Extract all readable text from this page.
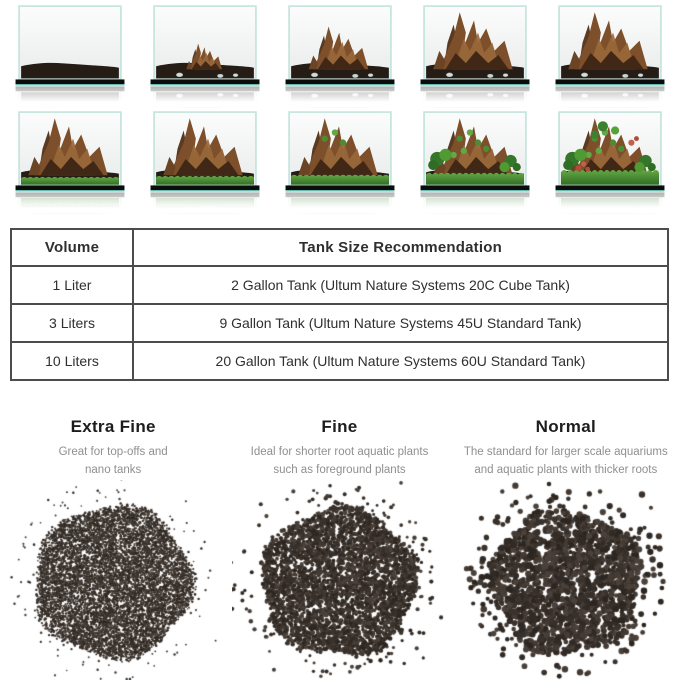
Volume	Tank Size Recommendation
1 Liter	2 Gallon Tank (Ultum Nature Systems 20C Cube Tank)
3 Liters	9 Gallon Tank (Ultum Nature Systems 45U Standard Tank)
10 Liters	20 Gallon Tank (Ultum Nature Systems 60U Standard Tank)
Extra Fine
Great for top-offs and nano tanks
Fine
Ideal for shorter root aquatic plants such as foreground plants
Normal
The standard for larger scale aquariums and aquatic plants with thicker roots
